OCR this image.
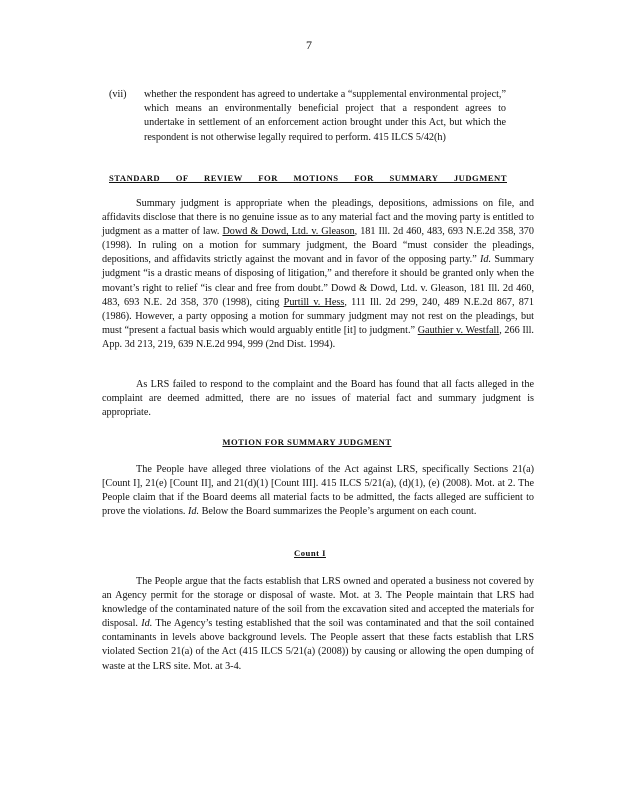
7
(vii) whether the respondent has agreed to undertake a “supplemental environmental project,” which means an environmentally beneficial project that a respondent agrees to undertake in settlement of an enforcement action brought under this Act, but which the respondent is not otherwise legally required to perform. 415 ILCS 5/42(h)
STANDARD OF REVIEW FOR MOTIONS FOR SUMMARY JUDGMENT

Summary judgment is appropriate when the pleadings, depositions, admissions on file, and affidavits disclose that there is no genuine issue as to any material fact and the moving party is entitled to judgment as a matter of law. Dowd & Dowd, Ltd. v. Gleason, 181 Ill. 2d 460, 483, 693 N.E.2d 358, 370 (1998). In ruling on a motion for summary judgment, the Board “must consider the pleadings, depositions, and affidavits strictly against the movant and in favor of the opposing party.” Id. Summary judgment “is a drastic means of disposing of litigation,” and therefore it should be granted only when the movant’s right to relief “is clear and free from doubt.” Dowd & Dowd, Ltd. v. Gleason, 181 Ill. 2d 460, 483, 693 N.E. 2d 358, 370 (1998), citing Purtill v. Hess, 111 Ill. 2d 299, 240, 489 N.E.2d 867, 871 (1986). However, a party opposing a motion for summary judgment may not rest on the pleadings, but must “present a factual basis which would arguably entitle [it] to judgment.” Gauthier v. Westfall, 266 Ill. App. 3d 213, 219, 639 N.E.2d 994, 999 (2nd Dist. 1994).

As LRS failed to respond to the complaint and the Board has found that all facts alleged in the complaint are deemed admitted, there are no issues of material fact and summary judgment is appropriate.

MOTION FOR SUMMARY JUDGMENT

The People have alleged three violations of the Act against LRS, specifically Sections 21(a) [Count I], 21(e) [Count II], and 21(d)(1) [Count III]. 415 ILCS 5/21(a), (d)(1), (e) (2008). Mot. at 2. The People claim that if the Board deems all material facts to be admitted, the facts alleged are sufficient to prove the violations. Id. Below the Board summarizes the People’s argument on each count.

Count I

The People argue that the facts establish that LRS owned and operated a business not covered by an Agency permit for the storage or disposal of waste. Mot. at 3. The People maintain that LRS had knowledge of the contaminated nature of the soil from the excavation sited and accepted the materials for disposal. Id. The Agency’s testing established that the soil was contaminated and that the soil contained contaminants in levels above background levels. The People assert that these facts establish that LRS violated Section 21(a) of the Act (415 ILCS 5/21(a) (2008)) by causing or allowing the open dumping of waste at the LRS site. Mot. at 3-4.
